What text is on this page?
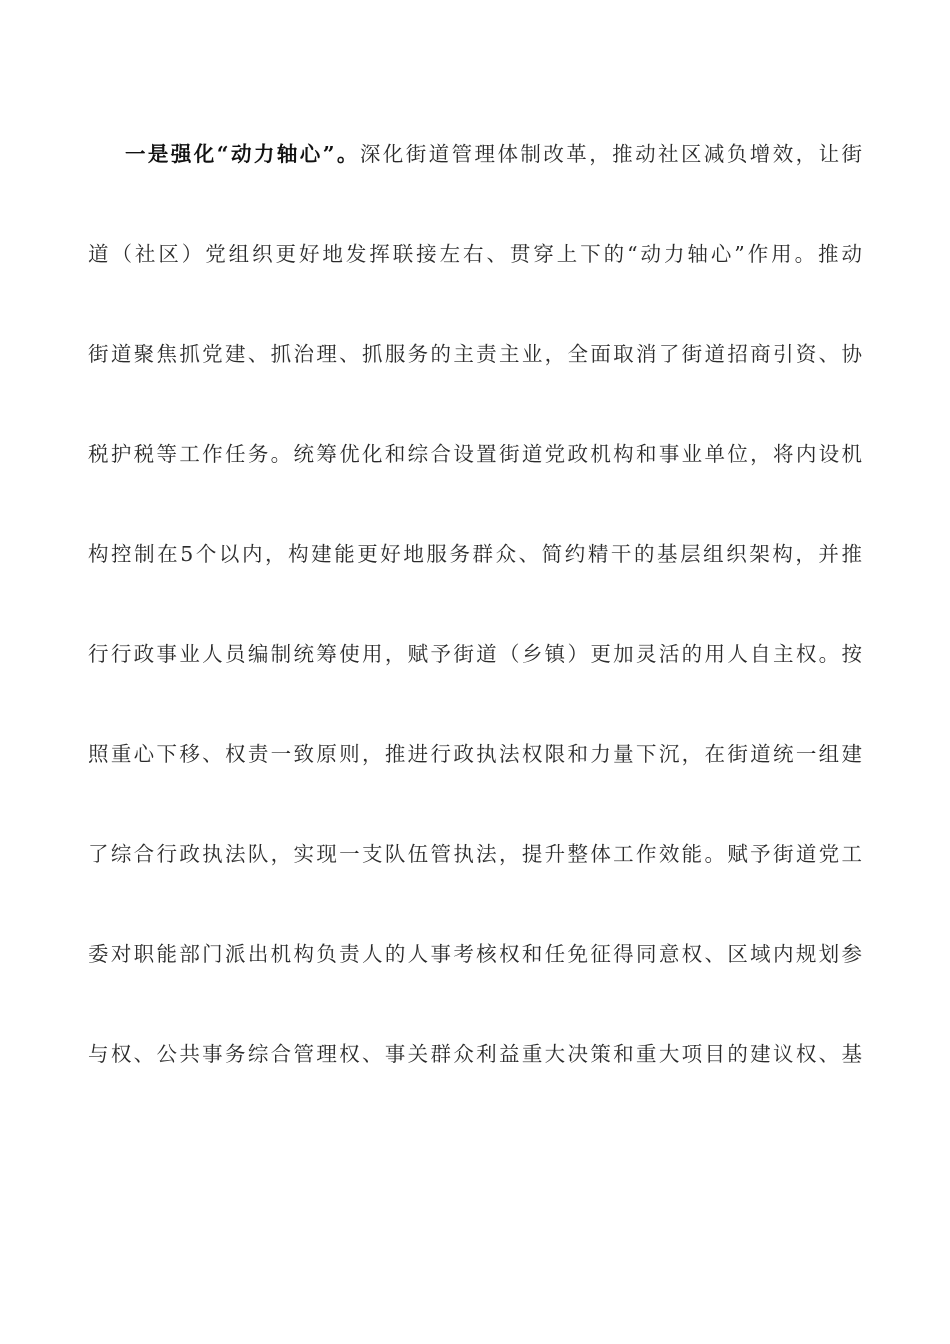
一是强化“动力轴心”。深化街道管理体制改革，推动社区减负增效，让街
道（社区）党组织更好地发挥联接左右、贯穿上下的“动力轴心”作用。推动
街道聚焦抓党建、抓治理、抓服务的主责主业，全面取消了街道招商引资、协
税护税等工作任务。统筹优化和综合设置街道党政机构和事业单位，将内设机
构控制在5个以内，构建能更好地服务群众、简约精干的基层组织架构，并推
行行政事业人员编制统筹使用，赋予街道（乡镇）更加灵活的用人自主权。按
照重心下移、权责一致原则，推进行政执法权限和力量下沉，在街道统一组建
了综合行政执法队，实现一支队伍管执法，提升整体工作效能。赋予街道党工
委对职能部门派出机构负责人的人事考核权和任免征得同意权、区域内规划参
与权、公共事务综合管理权、事关群众利益重大决策和重大项目的建议权、基
